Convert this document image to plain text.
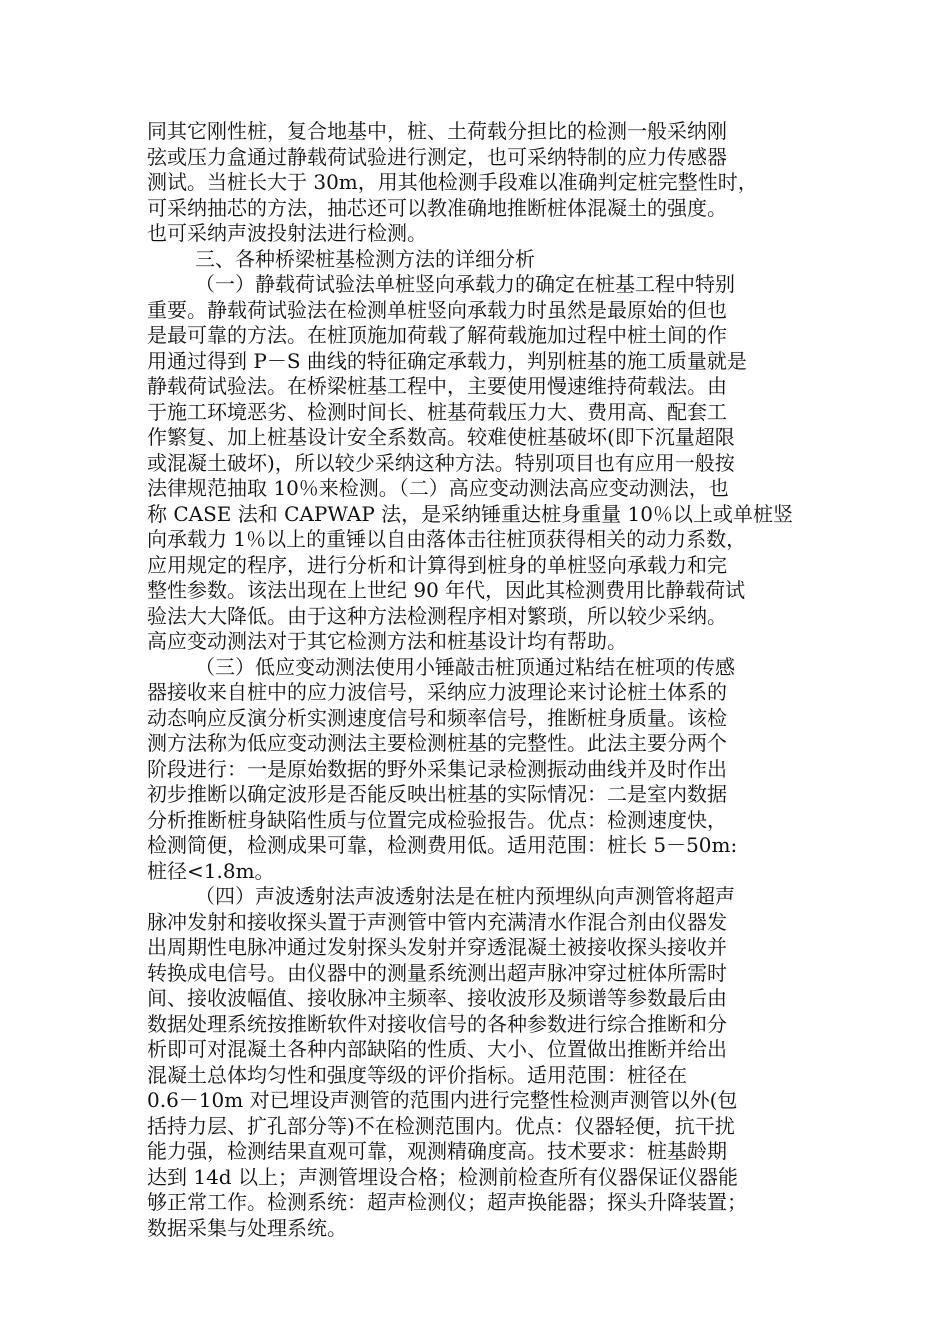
同其它刚性桩，复合地基中，桩、土荷载分担比的检测一般采纳刚
弦或压力盒通过静载荷试验进行测定，也可采纳特制的应力传感器
测试。当桩长大于 30m，用其他检测手段难以准确判定桩完整性时，
可采纳抽芯的方法，抽芯还可以教准确地推断桩体混凝土的强度。
也可采纳声波投射法进行检测。
三、各种桥梁桩基检测方法的详细分析
（一）静载荷试验法单桩竖向承载力的确定在桩基工程中特别
重要。静载荷试验法在检测单桩竖向承载力时虽然是最原始的但也
是最可靠的方法。在桩顶施加荷载了解荷载施加过程中桩土间的作
用通过得到 P－S 曲线的特征确定承载力，判别桩基的施工质量就是
静载荷试验法。在桥梁桩基工程中，主要使用慢速维持荷载法。由
于施工环境恶劣、检测时间长、桩基荷载压力大、费用高、配套工
作繁复、加上桩基设计安全系数高。较难使桩基破坏(即下沉量超限
或混凝土破坏)，所以较少采纳这种方法。特别项目也有应用一般按
法律规范抽取 10％来检测。（二）高应变动测法高应变动测法，也
称 CASE 法和 CAPWAP 法，是采纳锤重达桩身重量 10％以上或单桩竖
向承载力 1％以上的重锤以自由落体击往桩顶获得相关的动力系数，
应用规定的程序，进行分析和计算得到桩身的单桩竖向承载力和完
整性参数。该法出现在上世纪 90 年代，因此其检测费用比静载荷试
验法大大降低。由于这种方法检测程序相对繁琐，所以较少采纳。
高应变动测法对于其它检测方法和桩基设计均有帮助。
（三）低应变动测法使用小锤敲击桩顶通过粘结在桩项的传感
器接收来自桩中的应力波信号，采纳应力波理论来讨论桩土体系的
动态响应反演分析实测速度信号和频率信号，推断桩身质量。该检
测方法称为低应变动测法主要检测桩基的完整性。此法主要分两个
阶段进行：一是原始数据的野外采集记录检测振动曲线并及时作出
初步推断以确定波形是否能反映出桩基的实际情况：二是室内数据
分析推断桩身缺陷性质与位置完成检验报告。优点：检测速度快，
检测简便，检测成果可靠，检测费用低。适用范围：桩长 5－50m:
桩径<1.8m。
（四）声波透射法声波透射法是在桩内预埋纵向声测管将超声
脉冲发射和接收探头置于声测管中管内充满清水作混合剂由仪器发
出周期性电脉冲通过发射探头发射并穿透混凝土被接收探头接收并
转换成电信号。由仪器中的测量系统测出超声脉冲穿过桩体所需时
间、接收波幅值、接收脉冲主频率、接收波形及频谱等参数最后由
数据处理系统按推断软件对接收信号的各种参数进行综合推断和分
析即可对混凝土各种内部缺陷的性质、大小、位置做出推断并给出
混凝土总体均匀性和强度等级的评价指标。适用范围：桩径在
0.6－10m 对已埋设声测管的范围内进行完整性检测声测管以外(包
括持力层、扩孔部分等)不在检测范围内。优点：仪器轻便，抗干扰
能力强，检测结果直观可靠，观测精确度高。技术要求：桩基龄期
达到 14d 以上；声测管埋设合格；检测前检查所有仪器保证仪器能
够正常工作。检测系统：超声检测仪；超声换能器；探头升降装置；
数据采集与处理系统。
